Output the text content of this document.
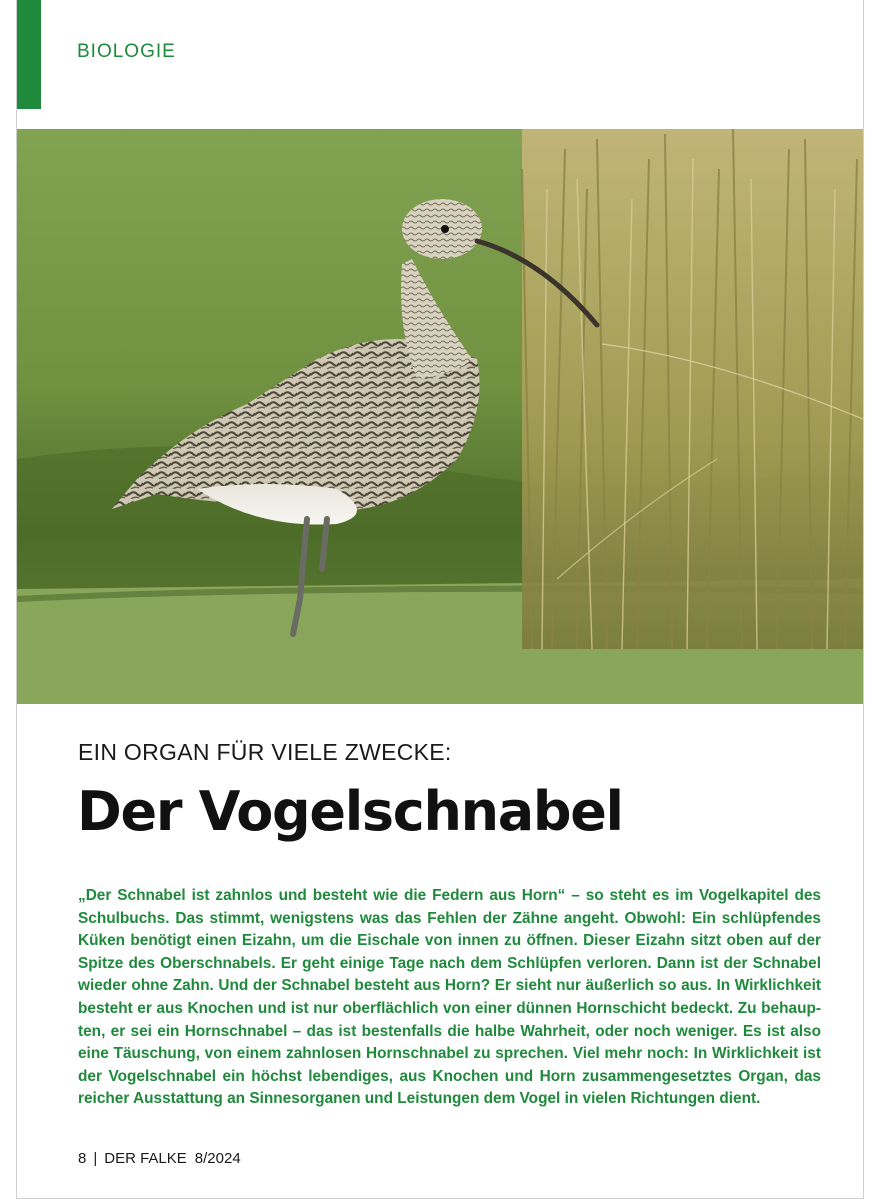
BIOLOGIE
EIN ORGAN FÜR VIELE ZWECKE:
Der Vogelschnabel
„Der Schnabel ist zahnlos und besteht wie die Federn aus Horn“ – so steht es im Vogelkapitel des
Schulbuchs. Das stimmt, wenigstens was das Fehlen der Zähne angeht. Obwohl: Ein schlüpfendes
Küken benötigt einen Eizahn, um die Eischale von innen zu öffnen. Dieser Eizahn sitzt oben auf der
Spitze des Oberschnabels. Er geht einige Tage nach dem Schlüpfen verloren. Dann ist der Schnabel
wieder ohne Zahn. Und der Schnabel besteht aus Horn? Er sieht nur äußerlich so aus. In Wirklichkeit
besteht er aus Knochen und ist nur oberflächlich von einer dünnen Hornschicht bedeckt. Zu behaup-
ten, er sei ein Hornschnabel – das ist bestenfalls die halbe Wahrheit, oder noch weniger. Es ist also
eine Täuschung, von einem zahnlosen Hornschnabel zu sprechen. Viel mehr noch: In Wirklichkeit ist
der Vogelschnabel ein höchst lebendiges, aus Knochen und Horn zusammengesetztes Organ, das
reicher Ausstattung an Sinnesorganen und Leistungen dem Vogel in vielen Richtungen dient.
8 | DER FALKE 8/2024
